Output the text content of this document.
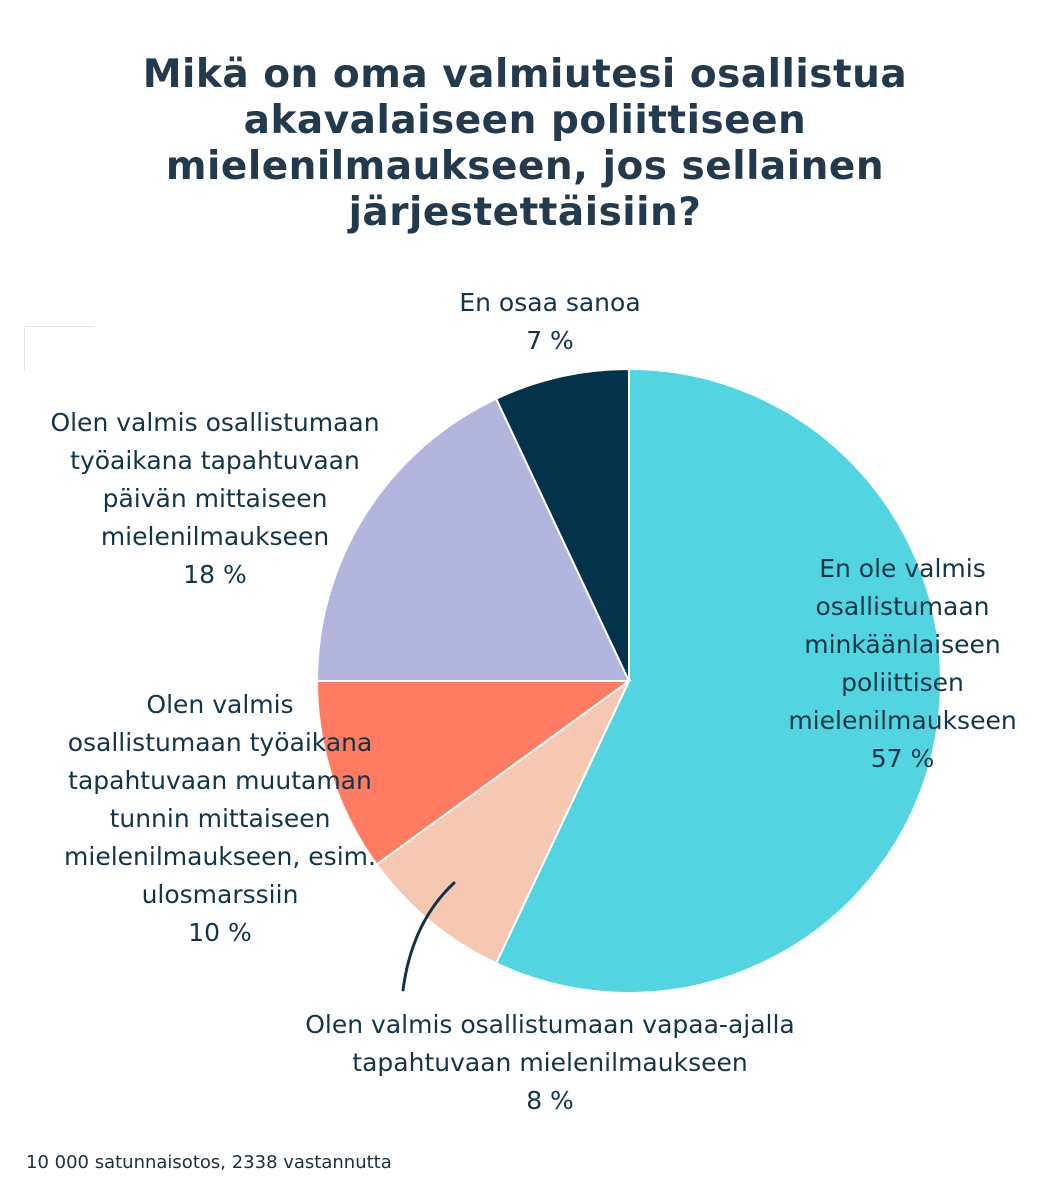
Mikä on oma valmiutesi osallistua akavalaiseen poliittiseen mielenilmaukseen, jos sellainen järjestettäisiin?
En ole valmis
osallistumaan
minkäänlaiseen
poliittisen
mielenilmaukseen
57 %
Olen valmis osallistumaan vapaa-ajalla
tapahtuvaan mielenilmaukseen
8 %
Olen valmis
osallistumaan työaikana
tapahtuvaan muutaman
tunnin mittaiseen
mielenilmaukseen, esim.
ulosmarssiin
10 %
Olen valmis osallistumaan
työaikana tapahtuvaan
päivän mittaiseen
mielenilmaukseen
18 %
En osaa sanoa
7 %
10 000 satunnaisotos, 2338 vastannutta
